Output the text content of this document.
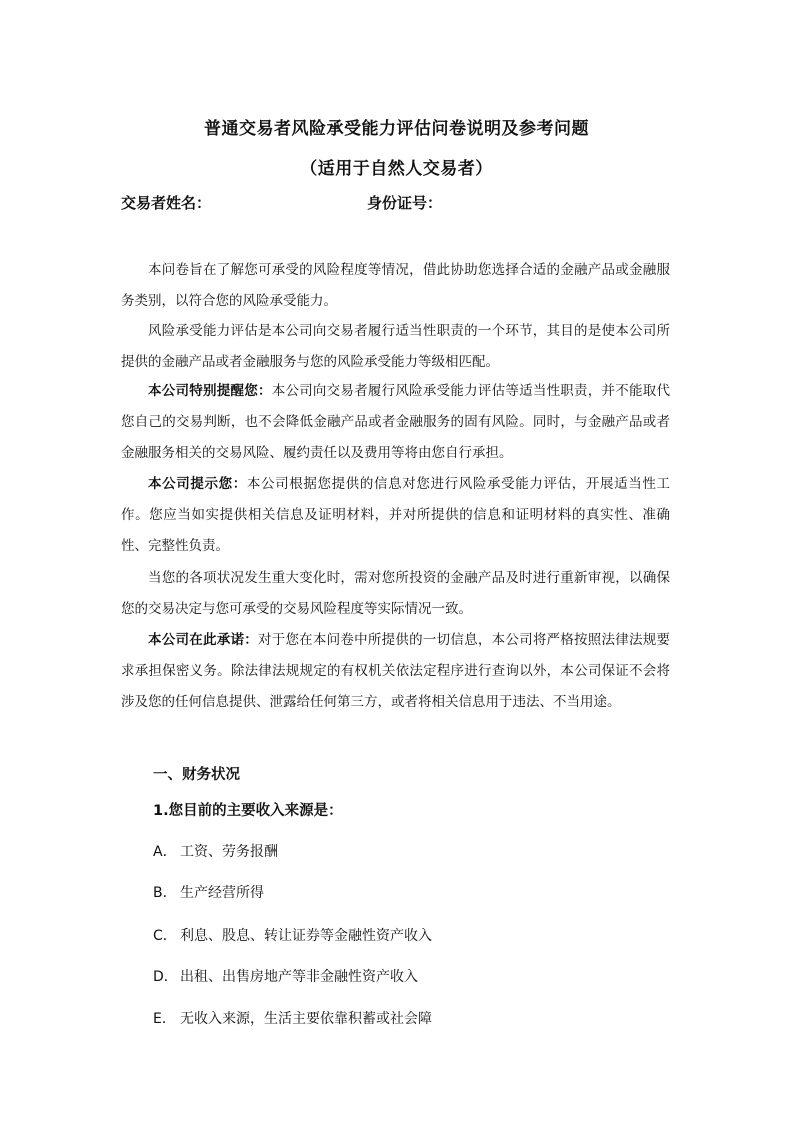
普通交易者风险承受能力评估问卷说明及参考问题
（适用于自然人交易者）
交易者姓名：	身份证号：

本问卷旨在了解您可承受的风险程度等情况，借此协助您选择合适的金融产品或金融服务类别，以符合您的风险承受能力。

风险承受能力评估是本公司向交易者履行适当性职责的一个环节，其目的是使本公司所提供的金融产品或者金融服务与您的风险承受能力等级相匹配。

本公司特别提醒您：本公司向交易者履行风险承受能力评估等适当性职责，并不能取代您自己的交易判断，也不会降低金融产品或者金融服务的固有风险。同时，与金融产品或者金融服务相关的交易风险、履约责任以及费用等将由您自行承担。

本公司提示您：本公司根据您提供的信息对您进行风险承受能力评估，开展适当性工作。您应当如实提供相关信息及证明材料，并对所提供的信息和证明材料的真实性、准确性、完整性负责。

当您的各项状况发生重大变化时，需对您所投资的金融产品及时进行重新审视，以确保您的交易决定与您可承受的交易风险程度等实际情况一致。

本公司在此承诺：对于您在本问卷中所提供的一切信息，本公司将严格按照法律法规要求承担保密义务。除法律法规规定的有权机关依法定程序进行查询以外，本公司保证不会将涉及您的任何信息提供、泄露给任何第三方，或者将相关信息用于违法、不当用途。

一、财务状况
1.您目前的主要收入来源是：
A． 工资、劳务报酬
B． 生产经营所得
C． 利息、股息、转让证券等金融性资产收入
D． 出租、出售房地产等非金融性资产收入
E． 无收入来源，生活主要依靠积蓄或社会障
